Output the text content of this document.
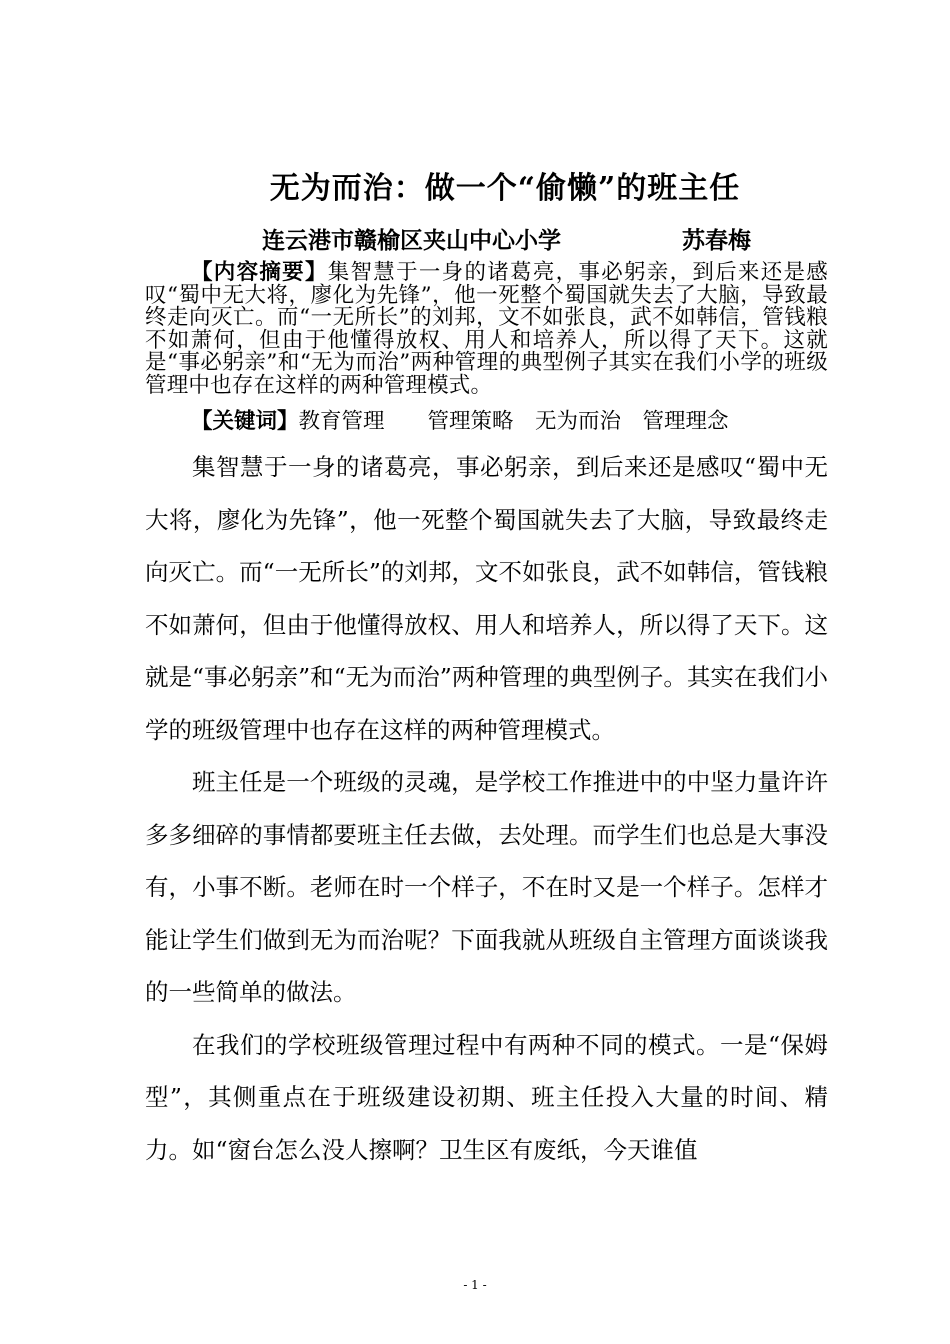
无为而治：做一个“偷懒”的班主任
连云港市赣榆区夹山中心小学	苏春梅
【内容摘要】集智慧于一身的诸葛亮，事必躬亲，到后来还是感叹“蜀中无大将，廖化为先锋”，他一死整个蜀国就失去了大脑，导致最终走向灭亡。而“一无所长”的刘邦，文不如张良，武不如韩信，管钱粮不如萧何，但由于他懂得放权、用人和培养人，所以得了天下。这就是“事必躬亲”和“无为而治”两种管理的典型例子其实在我们小学的班级管理中也存在这样的两种管理模式。
【关键词】教育管理　　管理策略　无为而治　管理理念

集智慧于一身的诸葛亮，事必躬亲，到后来还是感叹“蜀中无大将，廖化为先锋”，他一死整个蜀国就失去了大脑，导致最终走向灭亡。而“一无所长”的刘邦，文不如张良，武不如韩信，管钱粮不如萧何，但由于他懂得放权、用人和培养人，所以得了天下。这就是“事必躬亲”和“无为而治”两种管理的典型例子。其实在我们小学的班级管理中也存在这样的两种管理模式。

班主任是一个班级的灵魂，是学校工作推进中的中坚力量许许多多细碎的事情都要班主任去做，去处理。而学生们也总是大事没有，小事不断。老师在时一个样子，不在时又是一个样子。怎样才能让学生们做到无为而治呢？下面我就从班级自主管理方面谈谈我的一些简单的做法。

在我们的学校班级管理过程中有两种不同的模式。一是“保姆型”，其侧重点在于班级建设初期、班主任投入大量的时间、精力。如“窗台怎么没人擦啊？卫生区有废纸，今天谁值

- 1 -
